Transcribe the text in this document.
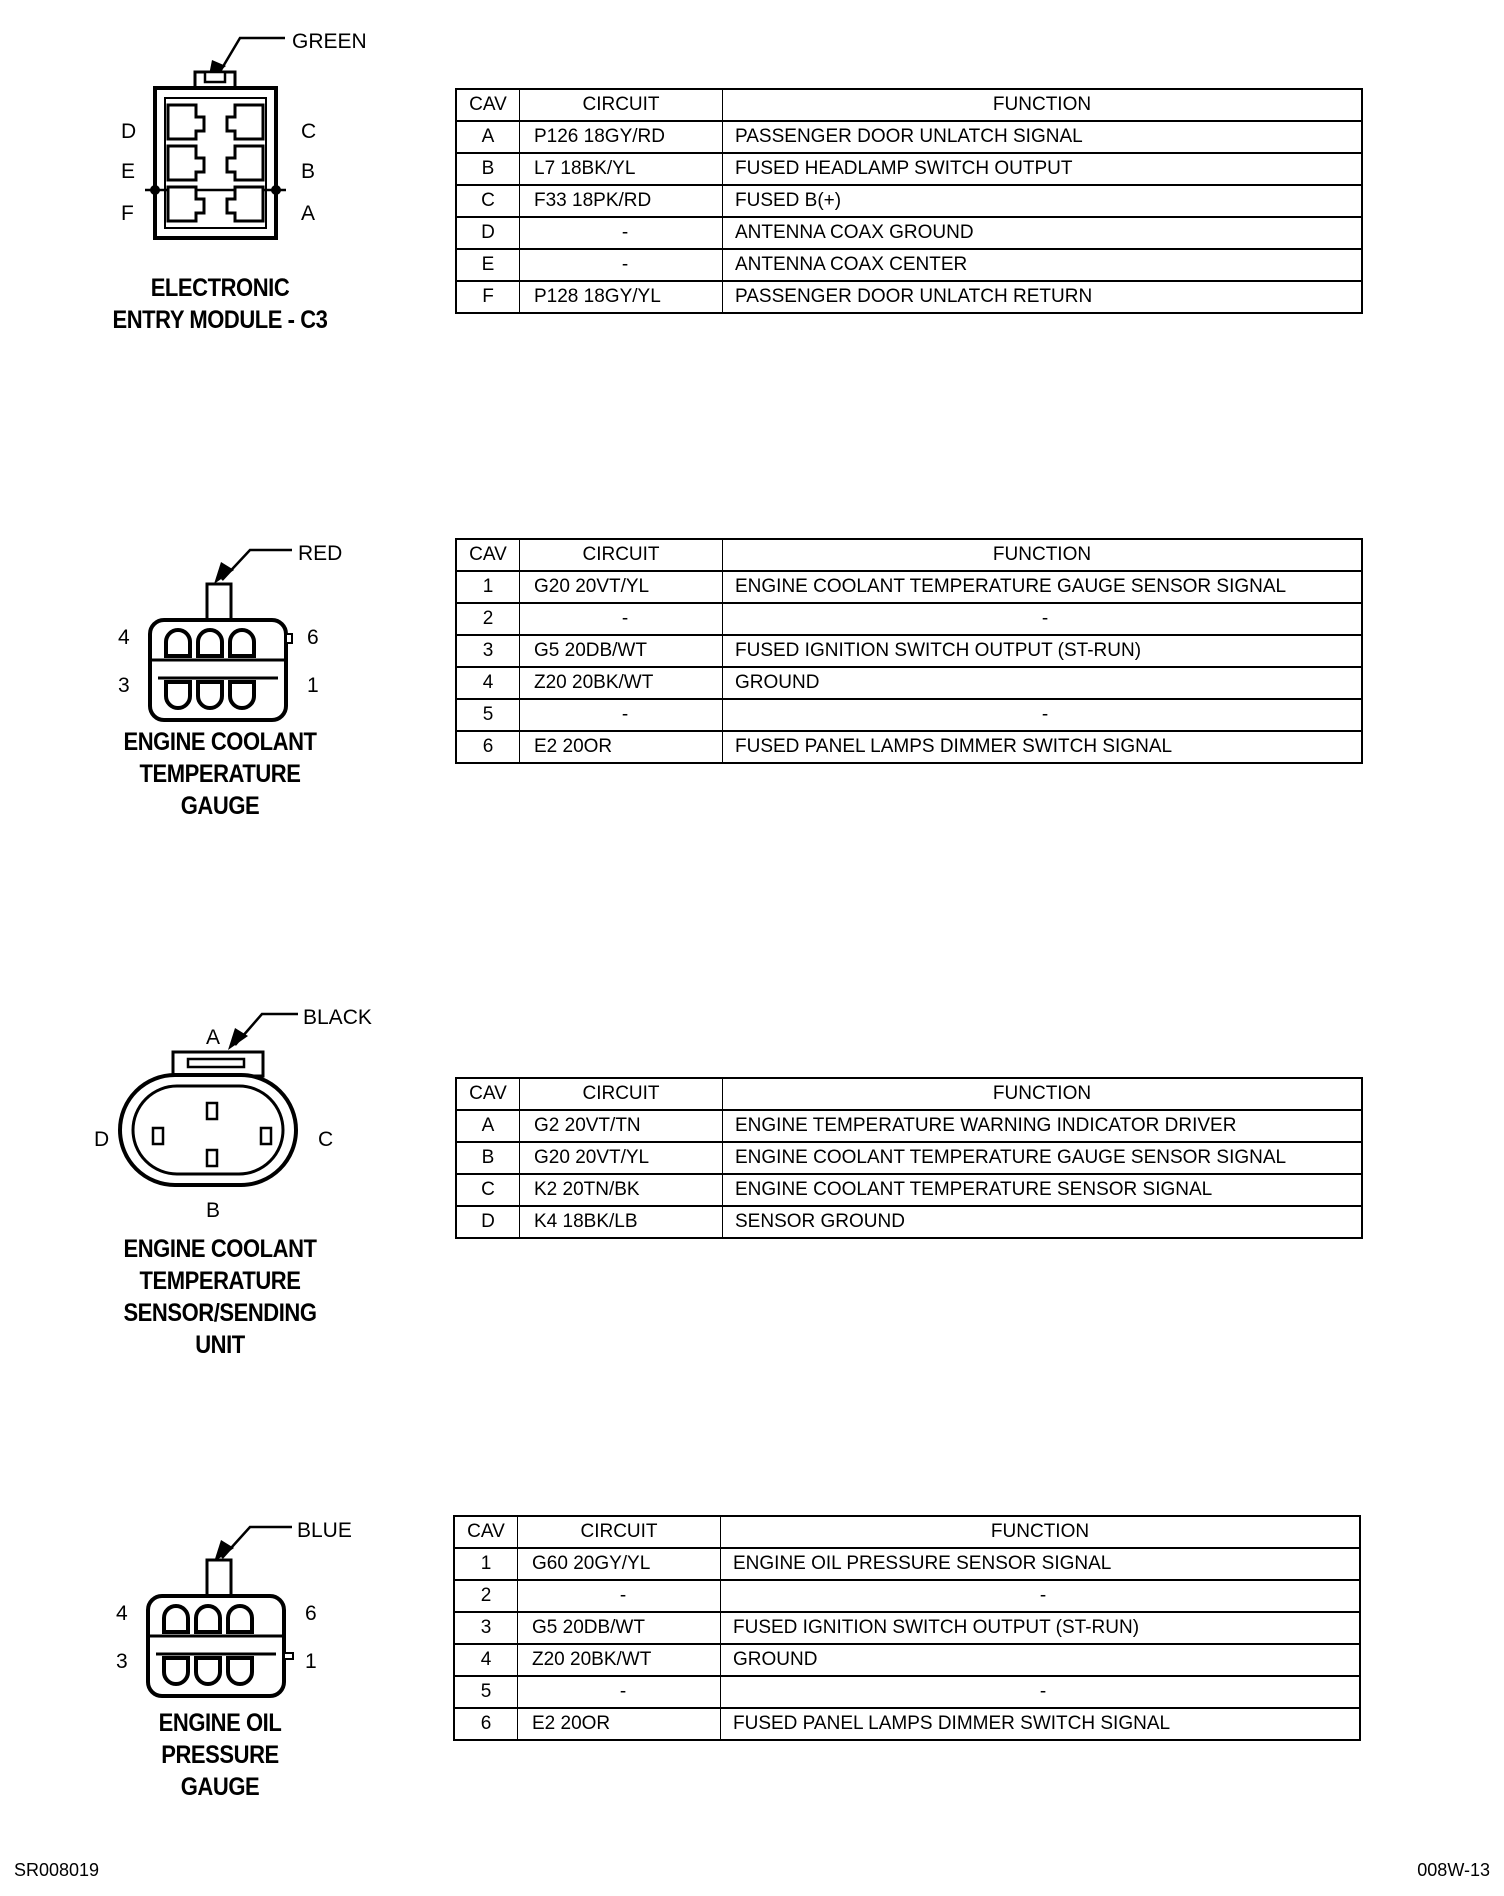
GREEN
D
E
F
C
B
A
ELECTRONIC
ENTRY MODULE - C3
CAV	CIRCUIT	FUNCTION
A	P126 18GY/RD	PASSENGER DOOR UNLATCH SIGNAL
B	L7 18BK/YL	FUSED HEADLAMP SWITCH OUTPUT
C	F33 18PK/RD	FUSED B(+)
D	-	ANTENNA COAX GROUND
E	-	ANTENNA COAX CENTER
F	P128 18GY/YL	PASSENGER DOOR UNLATCH RETURN
RED
4	6
3	1
ENGINE COOLANT
TEMPERATURE
GAUGE
CAV	CIRCUIT	FUNCTION
1	G20 20VT/YL	ENGINE COOLANT TEMPERATURE GAUGE SENSOR SIGNAL
2	-	-
3	G5 20DB/WT	FUSED IGNITION SWITCH OUTPUT (ST-RUN)
4	Z20 20BK/WT	GROUND
5	-	-
6	E2 20OR	FUSED PANEL LAMPS DIMMER SWITCH SIGNAL
BLACK
A
D	C
B
ENGINE COOLANT
TEMPERATURE
SENSOR/SENDING
UNIT
CAV	CIRCUIT	FUNCTION
A	G2 20VT/TN	ENGINE TEMPERATURE WARNING INDICATOR DRIVER
B	G20 20VT/YL	ENGINE COOLANT TEMPERATURE GAUGE SENSOR SIGNAL
C	K2 20TN/BK	ENGINE COOLANT TEMPERATURE SENSOR SIGNAL
D	K4 18BK/LB	SENSOR GROUND
BLUE
4	6
3	1
ENGINE OIL
PRESSURE
GAUGE
CAV	CIRCUIT	FUNCTION
1	G60 20GY/YL	ENGINE OIL PRESSURE SENSOR SIGNAL
2	-	-
3	G5 20DB/WT	FUSED IGNITION SWITCH OUTPUT (ST-RUN)
4	Z20 20BK/WT	GROUND
5	-	-
6	E2 20OR	FUSED PANEL LAMPS DIMMER SWITCH SIGNAL
SR008019	008W-13
